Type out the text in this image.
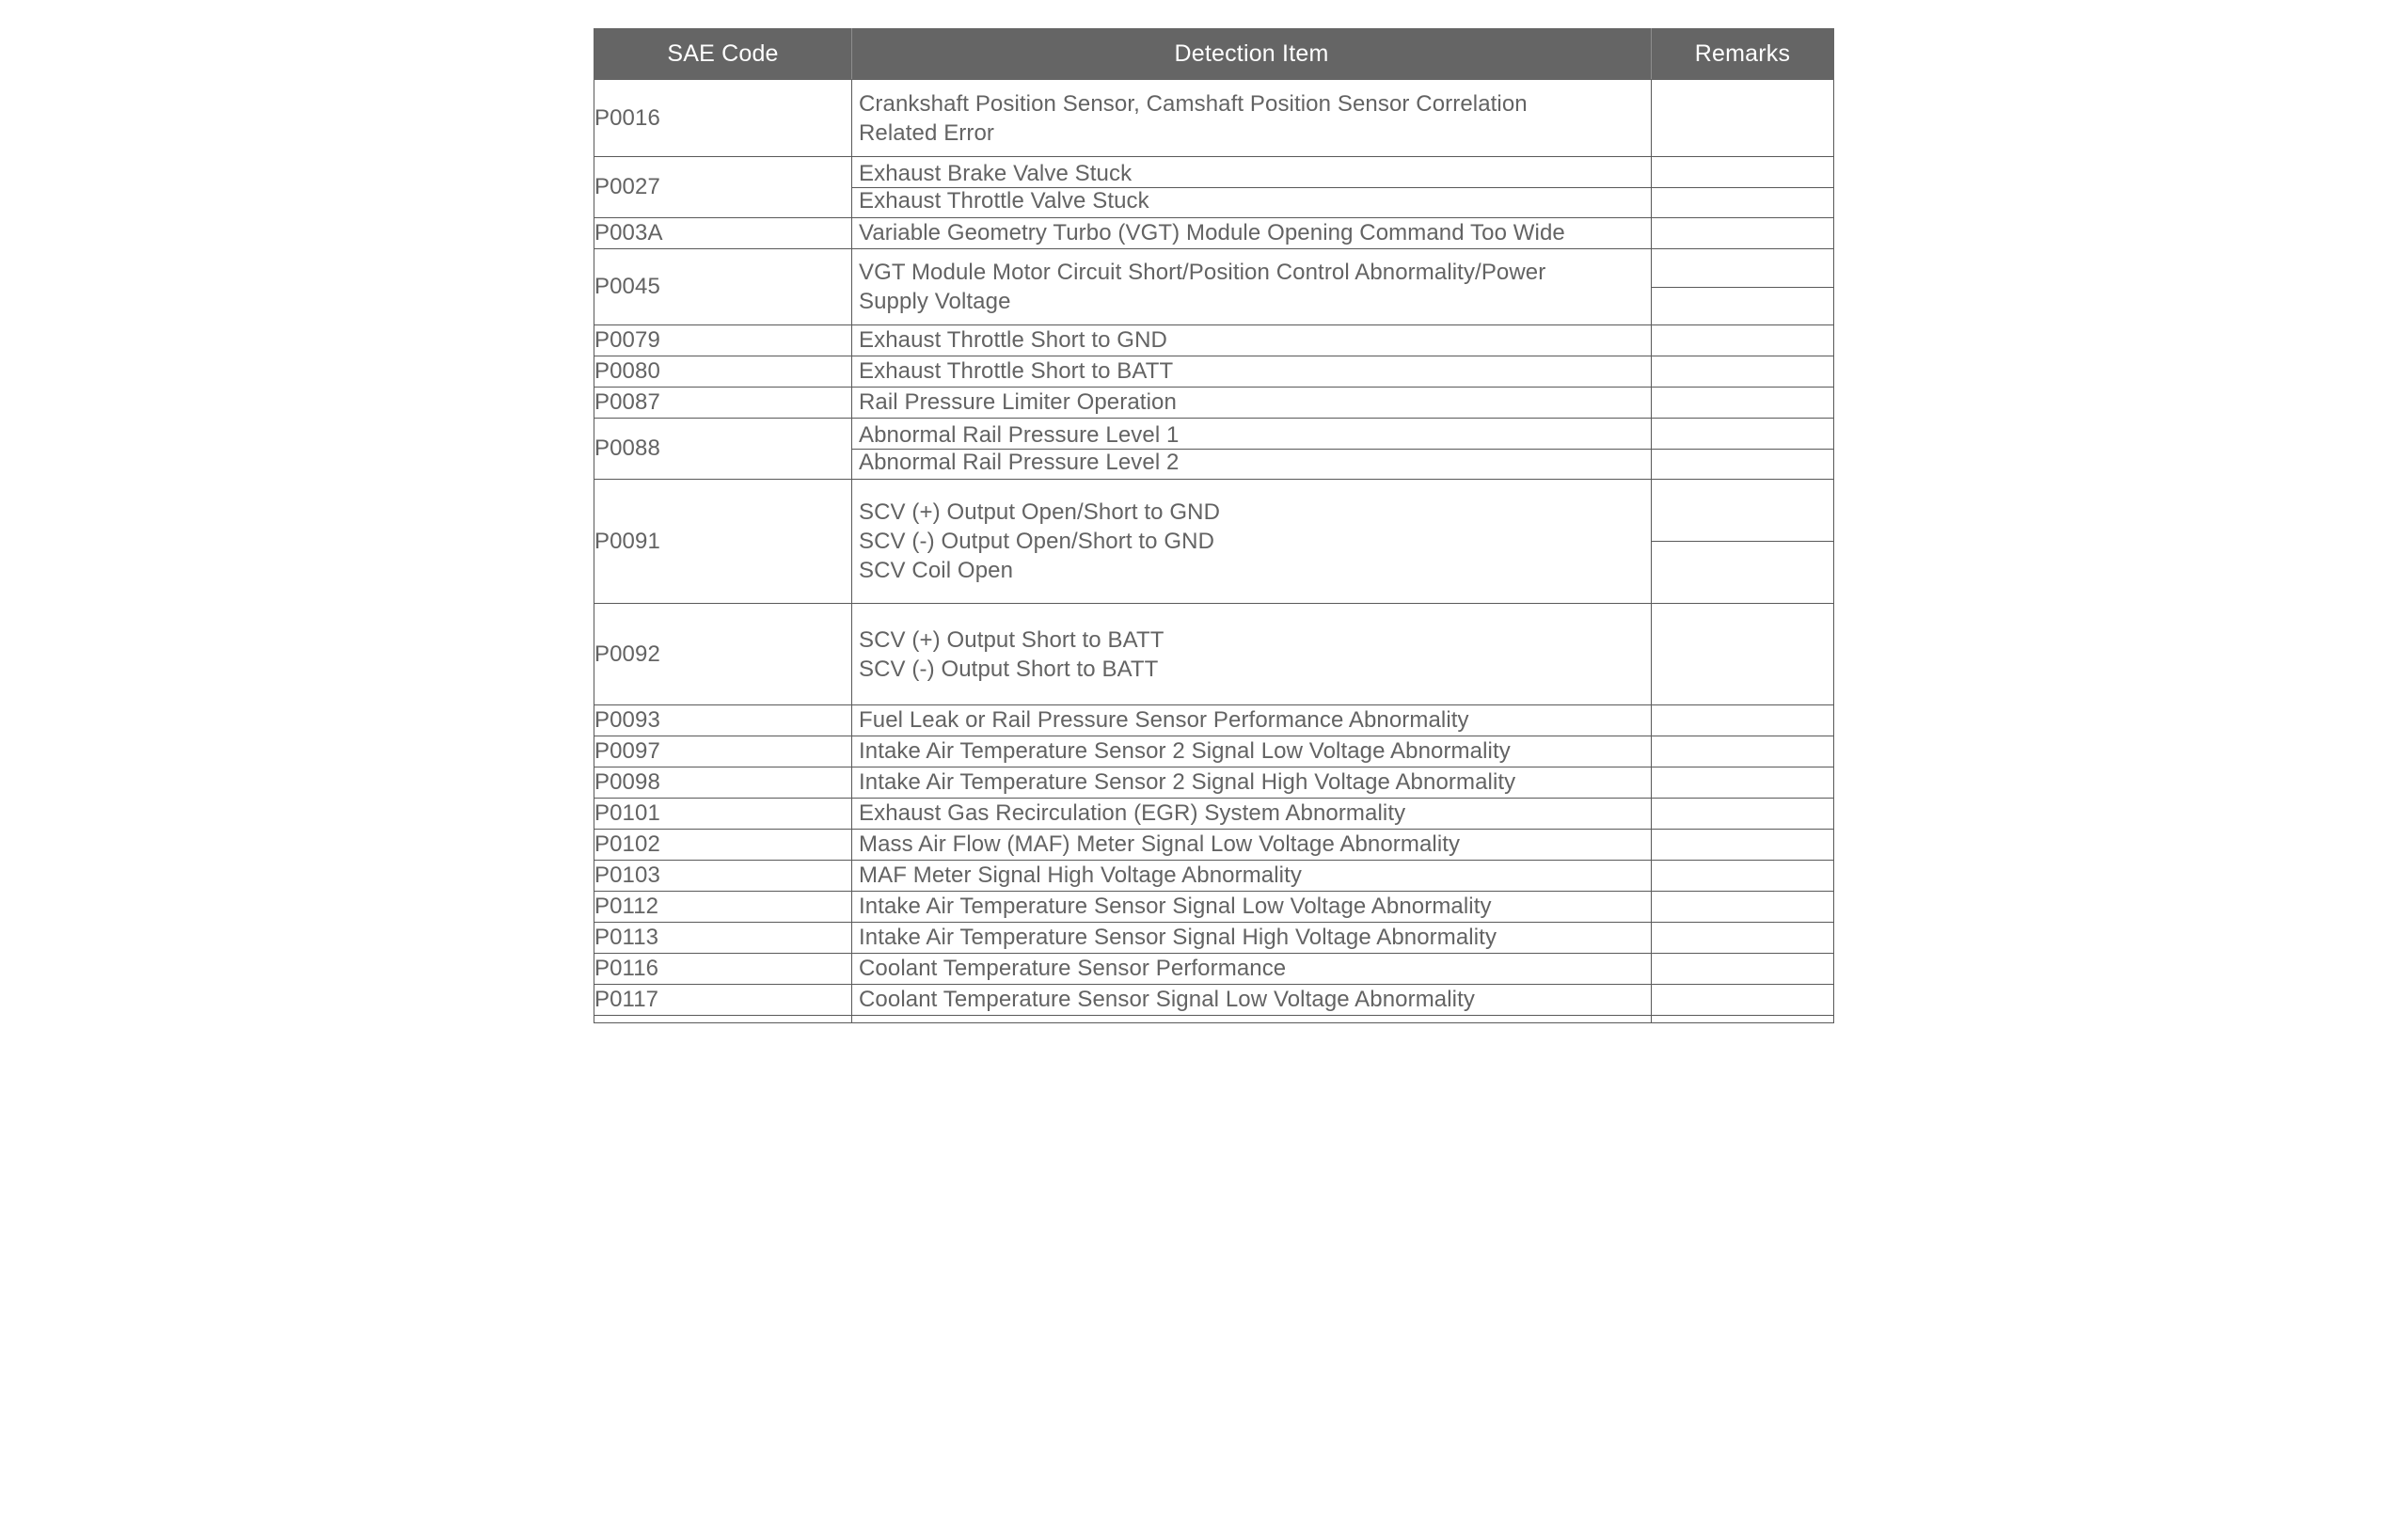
SAE Code	Detection Item	Remarks
P0016	Crankshaft Position Sensor, Camshaft Position Sensor Correlation
Related Error	

P0027	Exhaust Brake Valve Stuck
Exhaust Throttle Valve Stuck	

P003A	Variable Geometry Turbo (VGT) Module Opening Command Too Wide	

P0045	VGT Module Motor Circuit Short/Position Control Abnormality/Power
Supply Voltage	

P0079	Exhaust Throttle Short to GND	

P0080	Exhaust Throttle Short to BATT	

P0087	Rail Pressure Limiter Operation	

P0088	Abnormal Rail Pressure Level 1
Abnormal Rail Pressure Level 2	

P0091	SCV (+) Output Open/Short to GND
SCV (-) Output Open/Short to GND
SCV Coil Open	

P0092	SCV (+) Output Short to BATT
SCV (-) Output Short to BATT	

P0093	Fuel Leak or Rail Pressure Sensor Performance Abnormality	

P0097	Intake Air Temperature Sensor 2 Signal Low Voltage Abnormality	

P0098	Intake Air Temperature Sensor 2 Signal High Voltage Abnormality	

P0101	Exhaust Gas Recirculation (EGR) System Abnormality	

P0102	Mass Air Flow (MAF) Meter Signal Low Voltage Abnormality	

P0103	MAF Meter Signal High Voltage Abnormality	

P0112	Intake Air Temperature Sensor Signal Low Voltage Abnormality	

P0113	Intake Air Temperature Sensor Signal High Voltage Abnormality	

P0116	Coolant Temperature Sensor Performance	

P0117	Coolant Temperature Sensor Signal Low Voltage Abnormality	
